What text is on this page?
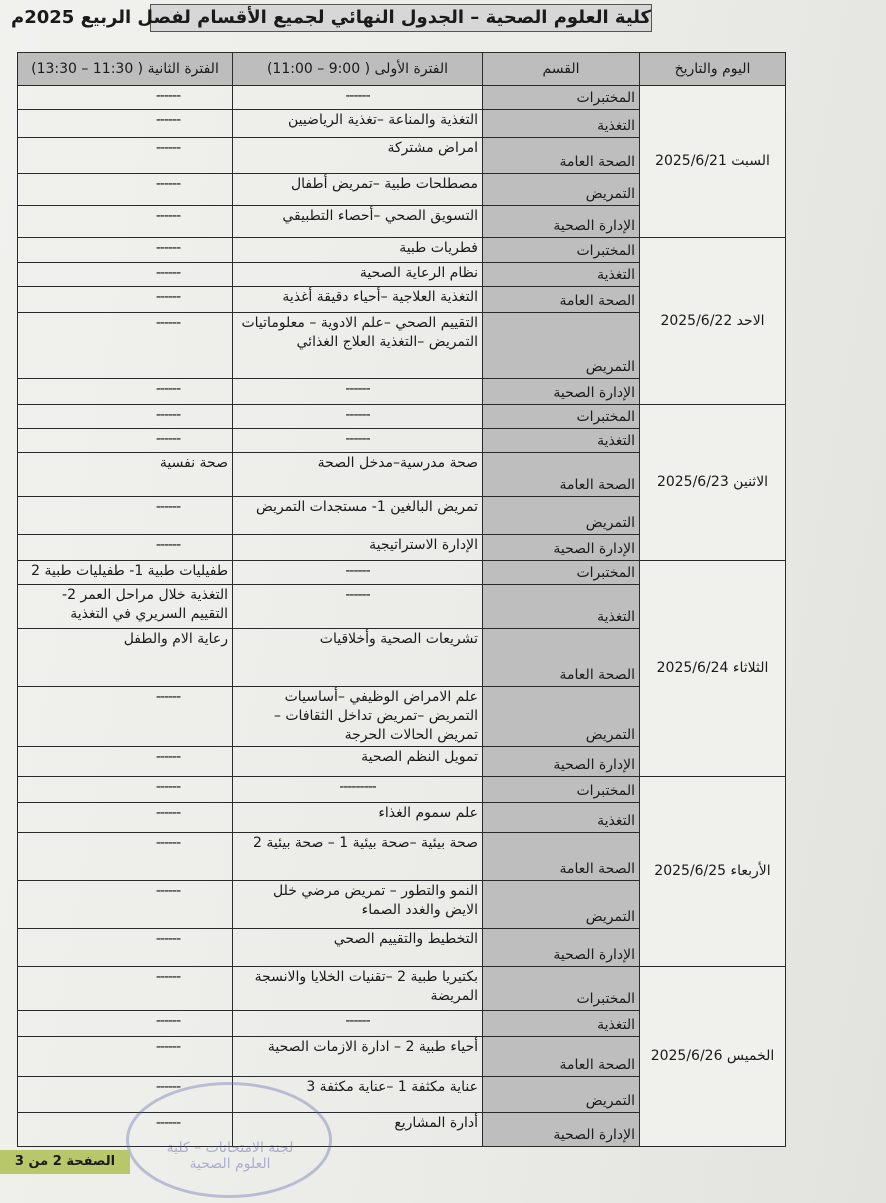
كلية العلوم الصحية – الجدول النهائي لجميع الأقسام لفصل الربيع 2025م
اليوم والتاريخ	القسم	الفترة الأولى ( 9:00 – 11:00)	الفترة الثانية ( 11:30 – 13:30)
السبت 2025/6/21	المختبرات	------	------
	التغذية	التغذية والمناعة –تغذية الرياضيين	------
	الصحة العامة	امراض مشتركة	------
	التمريض	مصطلحات طبية –تمريض أطفال	------
	الإدارة الصحية	التسويق الصحي –أحصاء التطبيقي	------
الاحد 2025/6/22	المختبرات	فطريات طبية	------
	التغذية	نظام الرعاية الصحية	------
	الصحة العامة	التغذية العلاجية –أحياء دقيقة أغذية	------
	التمريض	التقييم الصحي –علم الادوية – معلوماتيات التمريض –التغذية العلاج الغذائي	------
	الإدارة الصحية	------	------
الاثنين 2025/6/23	المختبرات	------	------
	التغذية	------	------
	الصحة العامة	صحة مدرسية–مدخل الصحة	صحة نفسية
	التمريض	تمريض البالغين 1- مستجدات التمريض	------
	الإدارة الصحية	الإدارة الاستراتيجية	------
الثلاثاء 2025/6/24	المختبرات	------	طفيليات طبية 1- طفيليات طبية 2
	التغذية	------	التغذية خلال مراحل العمر 2- التقييم السريري في التغذية
	الصحة العامة	تشريعات الصحية وأخلاقيات	رعاية الام والطفل
	التمريض	علم الامراض الوظيفي –أساسيات التمريض –تمريض تداخل الثقافات –تمريض الحالات الحرجة	------
	الإدارة الصحية	تمويل النظم الصحية	------
الأربعاء 2025/6/25	المختبرات	---------	------
	التغذية	علم سموم الغذاء	------
	الصحة العامة	صحة بيئية –صحة بيئية 1 – صحة بيئية 2	------
	التمريض	النمو والتطور – تمريض مرضي خلل الايض والغدد الصماء	------
	الإدارة الصحية	التخطيط والتقييم الصحي	------
الخميس 2025/6/26	المختبرات	بكتيريا طبية 2 –تقنيات الخلايا والانسجة المريضة	------
	التغذية	------	------
	الصحة العامة	أحياء طبية 2 – ادارة الازمات الصحية	------
	التمريض	عناية مكثفة 1 –عناية مكثفة 3	------
	الإدارة الصحية	أدارة المشاريع	------
لجنة الامتحانات – كلية العلوم الصحية
الصفحة 2 من 3
